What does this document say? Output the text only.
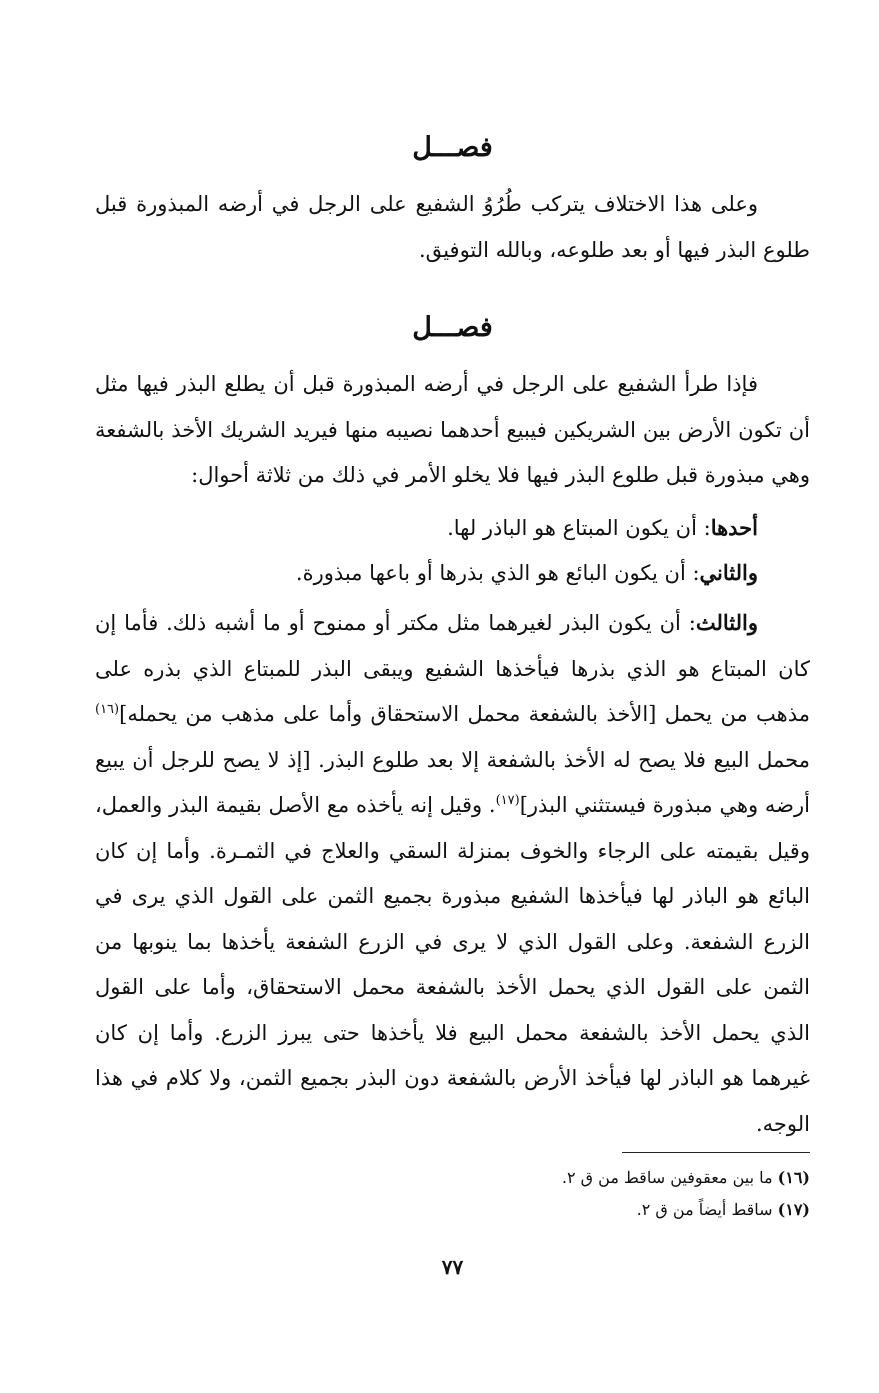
فصـــل

وعلى هذا الاختلاف يتركب طُرُوُ الشفيع على الرجل في أرضه المبذورة قبل طلوع البذر فيها أو بعد طلوعه، وبالله التوفيق.

فصـــل

فإذا طرأ الشفيع على الرجل في أرضه المبذورة قبل أن يطلع البذر فيها مثل أن تكون الأرض بين الشريكين فيبيع أحدهما نصيبه منها فيريد الشريك الأخذ بالشفعة وهي مبذورة قبل طلوع البذر فيها فلا يخلو الأمر في ذلك من ثلاثة أحوال:

أحدها: أن يكون المبتاع هو الباذر لها.

والثاني: أن يكون البائع هو الذي بذرها أو باعها مبذورة.

والثالث: أن يكون البذر لغيرهما مثل مكتر أو ممنوح أو ما أشبه ذلك. فأما إن كان المبتاع هو الذي بذرها فيأخذها الشفيع ويبقى البذر للمبتاع الذي بذره على مذهب من يحمل [الأخذ بالشفعة محمل الاستحقاق وأما على مذهب من يحمله]$^{(١٦)}$ محمل البيع فلا يصح له الأخذ بالشفعة إلا بعد طلوع البذر. [إذ لا يصح للرجل أن يبيع أرضه وهي مبذورة فيستثني البذر]$^{(١٧)}$. وقيل إنه يأخذه مع الأصل بقيمة البذر والعمل، وقيل بقيمته على الرجاء والخوف بمنزلة السقي والعلاج في الثمـرة. وأما إن كان البائع هو الباذر لها فيأخذها الشفيع مبذورة بجميع الثمن على القول الذي يرى في الزرع الشفعة. وعلى القول الذي لا يرى في الزرع الشفعة يأخذها بما ينوبها من الثمن على القول الذي يحمل الأخذ بالشفعة محمل الاستحقاق، وأما على القول الذي يحمل الأخذ بالشفعة محمل البيع فلا يأخذها حتى يبرز الزرع. وأما إن كان غيرهما هو الباذر لها فيأخذ الأرض بالشفعة دون البذر بجميع الثمن، ولا كلام في هذا الوجه.

(١٦) ما بين معقوفين ساقط من ق ٢.
(١٧) ساقط أيضاً من ق ٢.
٧٧
